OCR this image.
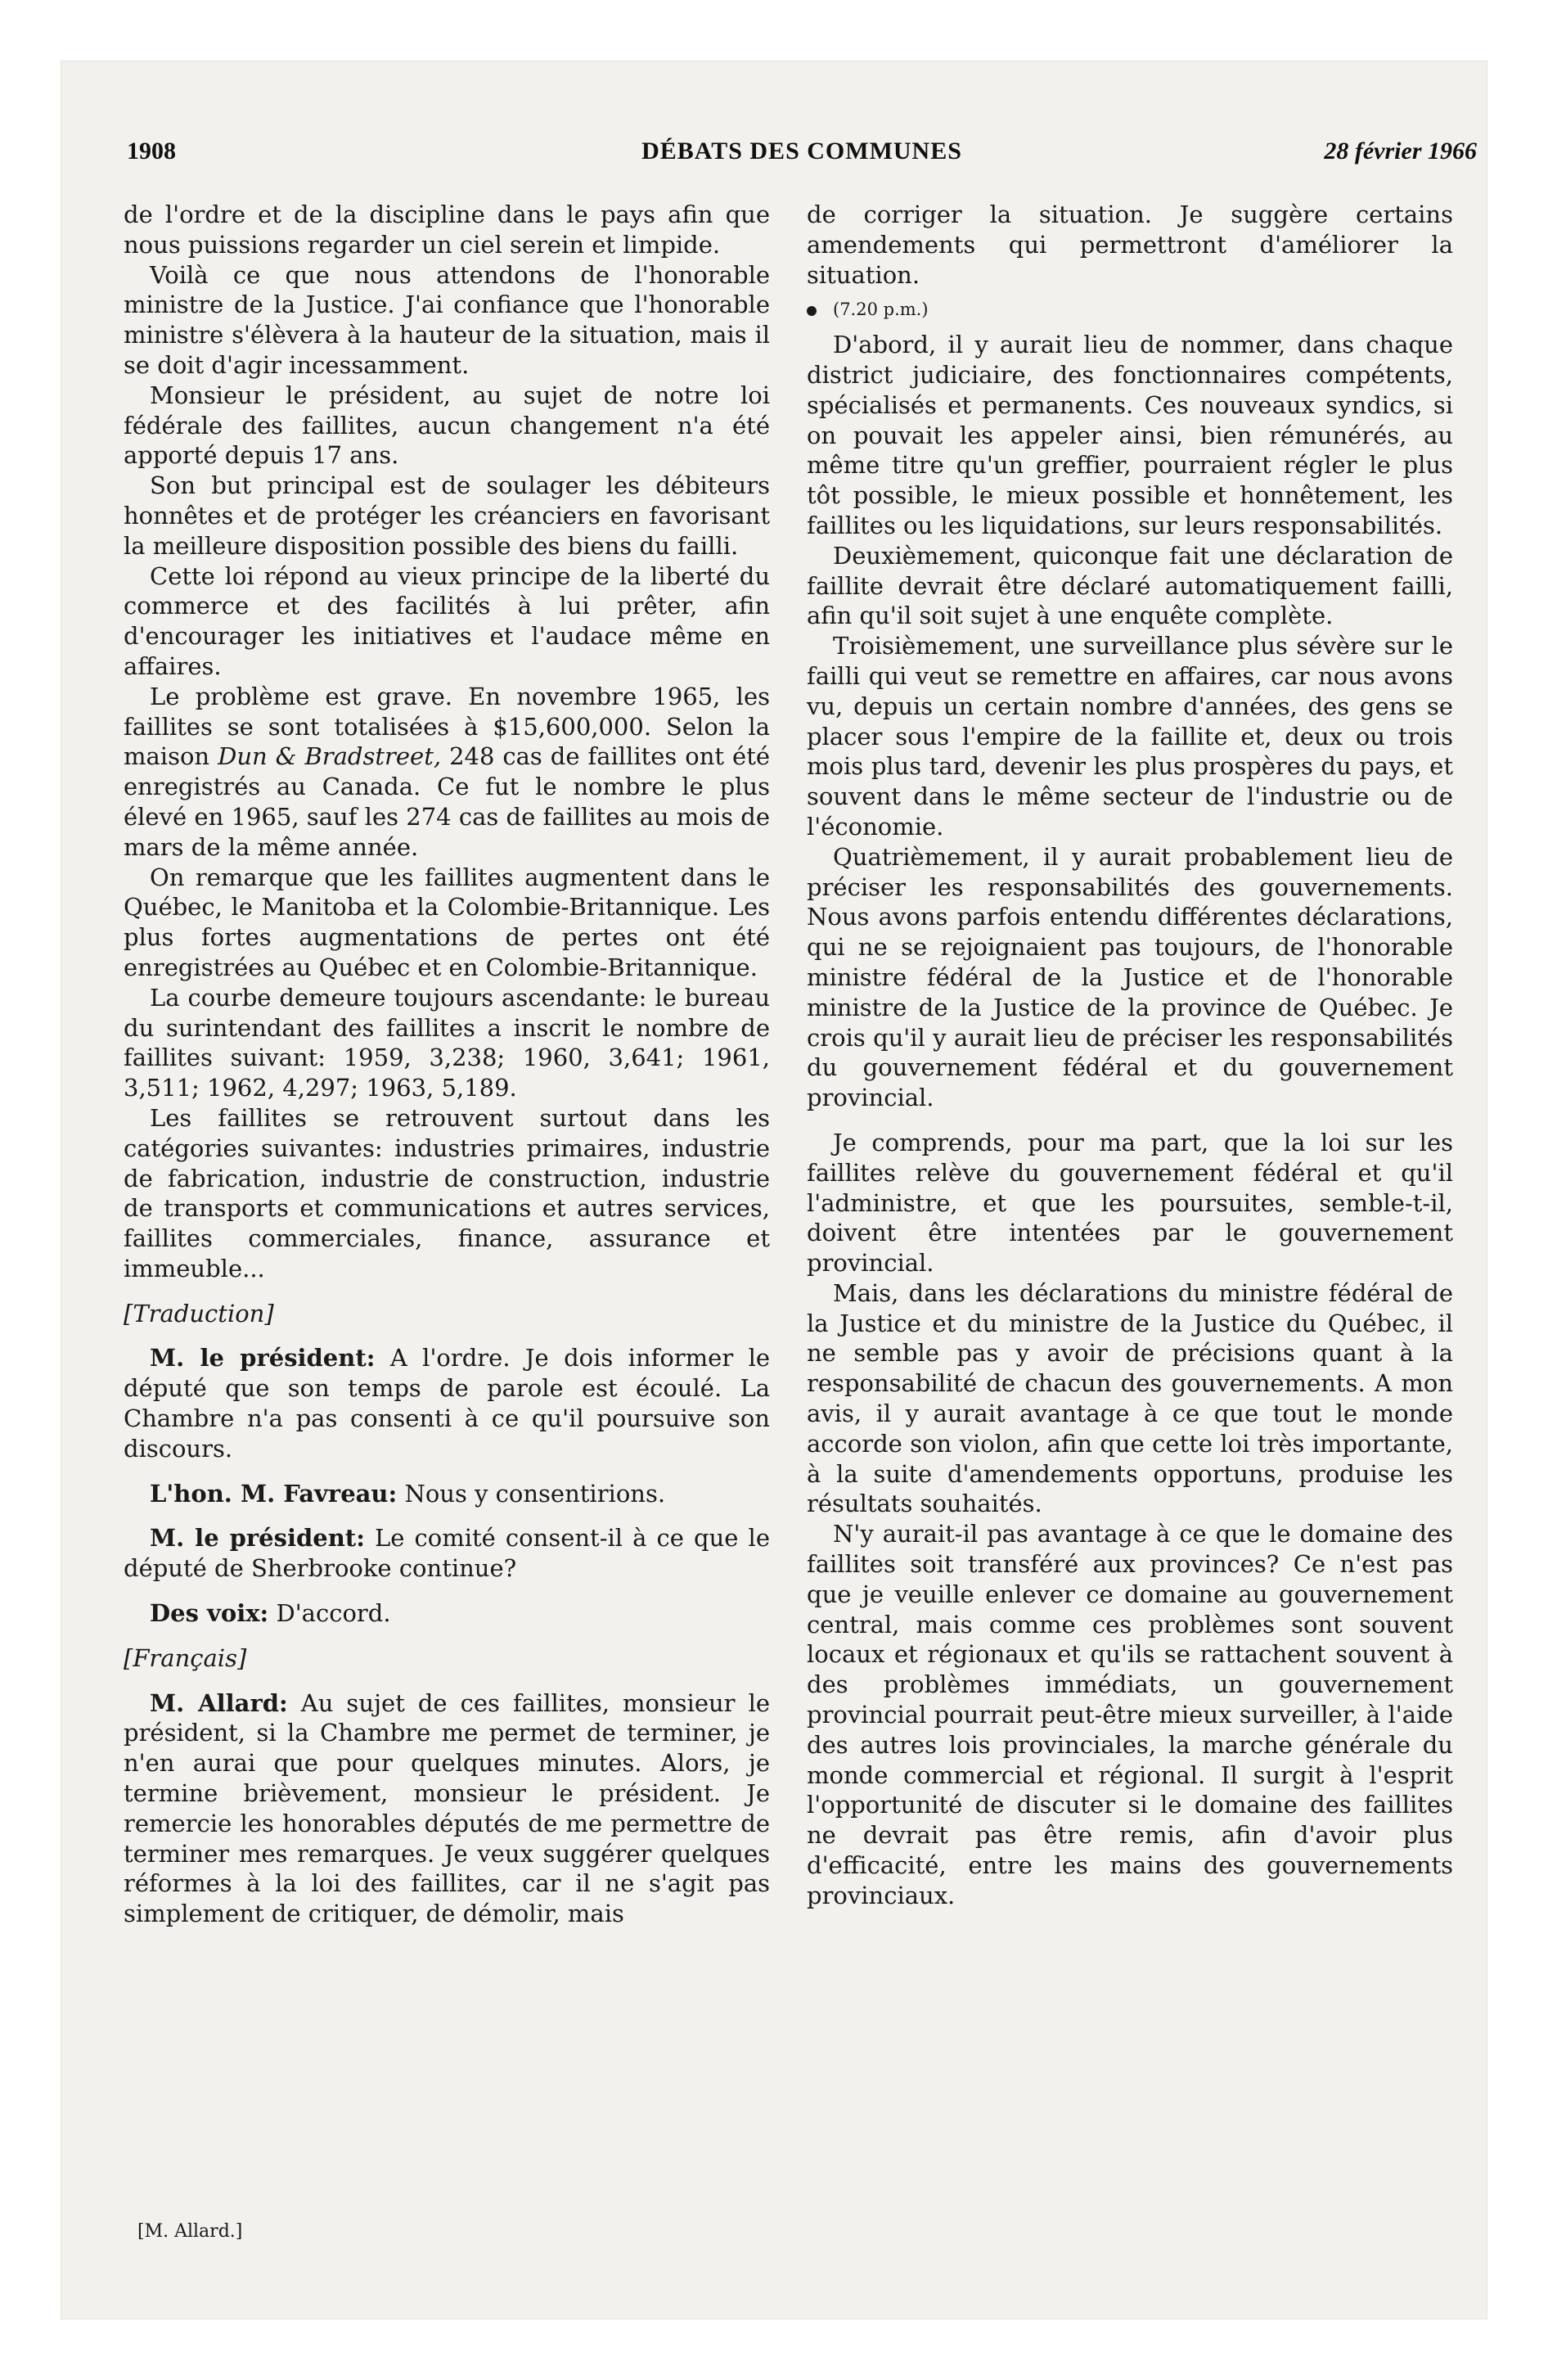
1908	DÉBATS DES COMMUNES	28 février 1966

de l'ordre et de la discipline dans le pays afin que nous puissions regarder un ciel serein et limpide.

Voilà ce que nous attendons de l'honorable ministre de la Justice. J'ai confiance que l'honorable ministre s'élèvera à la hauteur de la situation, mais il se doit d'agir incessamment.

Monsieur le président, au sujet de notre loi fédérale des faillites, aucun changement n'a été apporté depuis 17 ans.

Son but principal est de soulager les débiteurs honnêtes et de protéger les créanciers en favorisant la meilleure disposition possible des biens du failli.

Cette loi répond au vieux principe de la liberté du commerce et des facilités à lui prêter, afin d'encourager les initiatives et l'audace même en affaires.

Le problème est grave. En novembre 1965, les faillites se sont totalisées à $15,600,000. Selon la maison Dun & Bradstreet, 248 cas de faillites ont été enregistrés au Canada. Ce fut le nombre le plus élevé en 1965, sauf les 274 cas de faillites au mois de mars de la même année.

On remarque que les faillites augmentent dans le Québec, le Manitoba et la Colombie-Britannique. Les plus fortes augmentations de pertes ont été enregistrées au Québec et en Colombie-Britannique.

La courbe demeure toujours ascendante: le bureau du surintendant des faillites a inscrit le nombre de faillites suivant: 1959, 3,238; 1960, 3,641; 1961, 3,511; 1962, 4,297; 1963, 5,189.

Les faillites se retrouvent surtout dans les catégories suivantes: industries primaires, industrie de fabrication, industrie de construction, industrie de transports et communications et autres services, faillites commerciales, finance, assurance et immeuble...

[Traduction]

M. le président: A l'ordre. Je dois informer le député que son temps de parole est écoulé. La Chambre n'a pas consenti à ce qu'il poursuive son discours.

L'hon. M. Favreau: Nous y consentirions.

M. le président: Le comité consent-il à ce que le député de Sherbrooke continue?

Des voix: D'accord.

[Français]

M. Allard: Au sujet de ces faillites, monsieur le président, si la Chambre me permet de terminer, je n'en aurai que pour quelques minutes. Alors, je termine brièvement, monsieur le président. Je remercie les honorables députés de me permettre de terminer mes remarques. Je veux suggérer quelques réformes à la loi des faillites, car il ne s'agit pas simplement de critiquer, de démolir, mais

[M. Allard.]

de corriger la situation. Je suggère certains amendements qui permettront d'améliorer la situation.

(7.20 p.m.)

D'abord, il y aurait lieu de nommer, dans chaque district judiciaire, des fonctionnaires compétents, spécialisés et permanents. Ces nouveaux syndics, si on pouvait les appeler ainsi, bien rémunérés, au même titre qu'un greffier, pourraient régler le plus tôt possible, le mieux possible et honnêtement, les faillites ou les liquidations, sur leurs responsabilités.

Deuxièmement, quiconque fait une déclaration de faillite devrait être déclaré automatiquement failli, afin qu'il soit sujet à une enquête complète.

Troisièmement, une surveillance plus sévère sur le failli qui veut se remettre en affaires, car nous avons vu, depuis un certain nombre d'années, des gens se placer sous l'empire de la faillite et, deux ou trois mois plus tard, devenir les plus prospères du pays, et souvent dans le même secteur de l'industrie ou de l'économie.

Quatrièmement, il y aurait probablement lieu de préciser les responsabilités des gouvernements. Nous avons parfois entendu différentes déclarations, qui ne se rejoignaient pas toujours, de l'honorable ministre fédéral de la Justice et de l'honorable ministre de la Justice de la province de Québec. Je crois qu'il y aurait lieu de préciser les responsabilités du gouvernement fédéral et du gouvernement provincial.

Je comprends, pour ma part, que la loi sur les faillites relève du gouvernement fédéral et qu'il l'administre, et que les poursuites, semble-t-il, doivent être intentées par le gouvernement provincial.

Mais, dans les déclarations du ministre fédéral de la Justice et du ministre de la Justice du Québec, il ne semble pas y avoir de précisions quant à la responsabilité de chacun des gouvernements. A mon avis, il y aurait avantage à ce que tout le monde accorde son violon, afin que cette loi très importante, à la suite d'amendements opportuns, produise les résultats souhaités.

N'y aurait-il pas avantage à ce que le domaine des faillites soit transféré aux provinces? Ce n'est pas que je veuille enlever ce domaine au gouvernement central, mais comme ces problèmes sont souvent locaux et régionaux et qu'ils se rattachent souvent à des problèmes immédiats, un gouvernement provincial pourrait peut-être mieux surveiller, à l'aide des autres lois provinciales, la marche générale du monde commercial et régional. Il surgit à l'esprit l'opportunité de discuter si le domaine des faillites ne devrait pas être remis, afin d'avoir plus d'efficacité, entre les mains des gouvernements provinciaux.
